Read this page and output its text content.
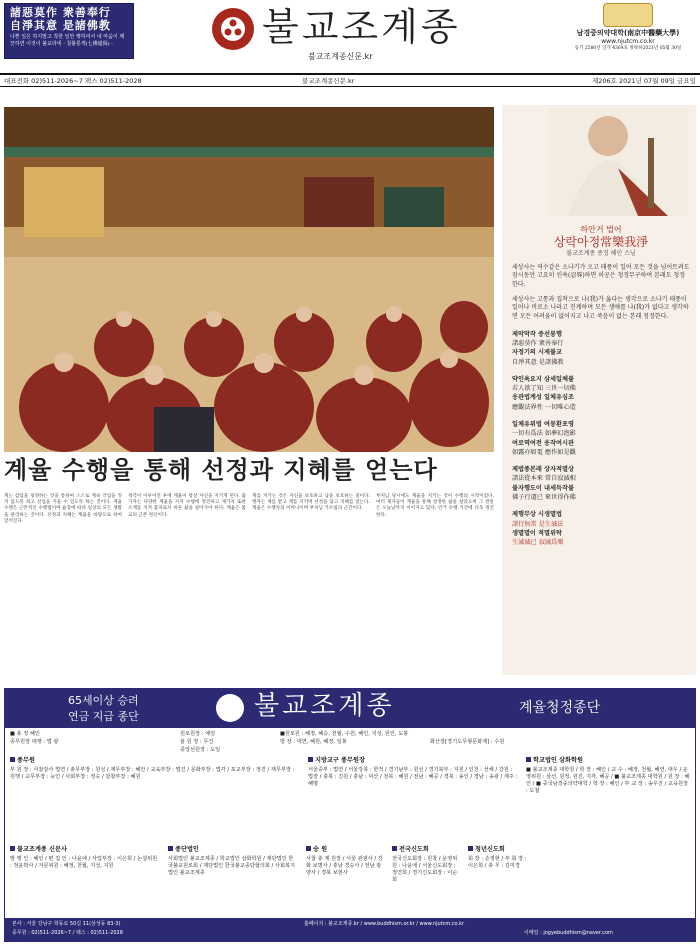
諸惡莫作 衆善奉行
自淨其意 是諸佛教
나쁜 일은 하지말고 착한 일만 행하여서 내 마음이 깨끗하면 이것이 불교라네 - 칠불통게(七佛通偈) -	불교조계종
불교조계종신문.kr
남경중의약대학(南京中醫藥大學)
www.njutcm.co.kr
등기 2580년 인가 4364호 정락하2021년 05월 30일
대표전화 02)511-2026~7 팩스 02)511-2028	불교조계종신문.kr	제206호 2021년 07월 09일 금요일
계율 수행을 통해 선정과 지혜를 얻는다
계는 삼업을 청정하는 것을 통하여 스스로 계속 악업을 짓지 않도록 하고 선업을 지을 수 있도록 하는 것이다. 계율 수행은 근본적인 수행법이며 율장에 따라 일상의 모든 생활을 관리하는 것이다. 선정과 지혜는 계율을 바탕으로 하여 얻어진다.
정각이 이루어진 후에 계율이 항상 자신을 지키게 된다. 출가자는 다양한 계율을 지켜 수행에 정진하고 재가자 또한 오계를 지켜 불자로서 바른 삶을 살아가야 한다. 계율은 불교의 근본 정신이다.
계를 지키는 것은 자신을 보호하고 남을 보호하는 길이다. 행자는 계를 받고 계를 지키며 선정을 닦고 지혜를 얻는다. 계율은 수행자의 어머니이며 부처님 가르침의 근간이다.
부처님 당시에도 계율을 지키는 것이 수행의 시작이었다. 여러 제자들이 계율을 통해 청정한 삶을 살았으며 그 전통은 오늘날까지 이어지고 있다. 안거 수행 기간에 더욱 정진한다.
하안거 법어
상락아정常樂我淨
불교조계종 종정 혜인 스님
세상사는 역수같은 소나기가 오고 태풍이 일어 모든 것을 넘어트려도 잠시동안 고요히 인욕(忍辱)하면 허공은 청정무구하여 본래도 청정한다.
세상사는 고통과 집착으로 나(我)가 옳다는 생각으로 소나기 태풍이 일어나 비로소 나라고 진계하며 모든 생애를 나(我)가 없다고 생각하면 모든 어려움이 없어지고 나고 죽음이 없는 본래 청정한다.
제악막작 중선봉행
諸惡莫作 衆善奉行
자정기의 시제불교
自淨其意 是諸佛教
약인욕요지 삼세일체불
若人欲了知 三世一切佛
응관법계성 일체유심조
應觀法界性 一切唯心造
일체유위법 여몽환포영
一切有爲法 如夢幻泡影
여로역여전 응작여시관
如露亦如電 應作如是觀
제법종본래 상자적멸상
諸法從本來 常自寂滅相
불자행도이 내세득작불
佛子行道已 來世得作佛
제행무상 시생멸법
諸行無常 是生滅法
생멸멸이 적멸위락
生滅滅已 寂滅爲樂
65세이상 승려
연금 지급 종단	불교조계종	계율청정종단
■ 총 정 혜인
종무원장 대행 : 법 광
원로원장 : 예일
율 원 장 : 무건
종앙선원장 : 도일
■원로원 : 혜정, 혜승, 천월, 수원, 혜인, 지성, 원인, 도봉
방 장 : 대연, 혜원, 혜정, 일봉	화산장[경기도무형문화재] : 수원
종무원
부 원 장 : 사찰감사 법연 / 총무부장 : 원성 / 재무부장 : 혜안 / 교육부장 : 법진 / 문화부장 : 법각 / 포교부장 : 정진 / 재무부장 : 원행 / 교무부장 : 능인 / 사회부장 : 정승 / 감찰부장 : 혜원
지방교구 종무원장
서울중부 : 법연 / 서울강북 : 한적 / 경기남부 : 원선 / 경기북부 : 지원 / 인천 : 선해 / 강원 : 법장 / 충북 : 진원 / 충남 : 덕산 / 전북 : 혜원 / 전남 : 혜공 / 경북 : 송인 / 경남 : 송광 / 제주 : 혜명
학교법인 삼화학원
■ 불교조계종 대학원 / 학 장 : 혜인 / 교 수 : 혜정, 천월, 혜연, 대우 / 운영위원 : 삼선, 원정, 원진, 지각, 혜공 / ■ 불교조계종 대학원 / 원 장 : 혜인 / ■ 중국남경중의약대학 / 학 장 : 혜인 / 부 교 장 : 송우진 / 교육원장 : 도철
불교조계종 신문사
발 행 인 : 혜인 / 편 집 인 : 나윤애 / 사업부장 : 이은희 / 논설위원 : 정윤박사 / 자문위원 : 혜정, 천월, 지성, 지원
종단법인
사회법인 불교조계종 / 학교법인 삼화학원 / 재단법인 한국불교원로회 / 재단법인 한국불교종단협의회 / 사회복지법인 불교조계종
승 원
사찰 총 계 원장 / 서울 관광사 / 강화 보명사 / 충남 경승사 / 전남 광양사 / 경북 보현사
전국신도회
전국신도회장 : 원창 / 운영위원 : 나윤애 / 서울신도회장 : 정연희 / 경기신도회장 : 이순희
청년신도회
회 장 : 손정현 / 부 회 장 : 이은희 / 총 무 : 김미경
본사 : 서울 강남구 학동로 50길 11(삼성동 83-3)
종무원 : 02)511-2026~7 / 팩스 : 02)511-2028
홈페이지 : 불교조계종.kr / www.buddhism.or.kr / www.njutcm.co.kr
이메일 : jogyebuddhism@naver.com
